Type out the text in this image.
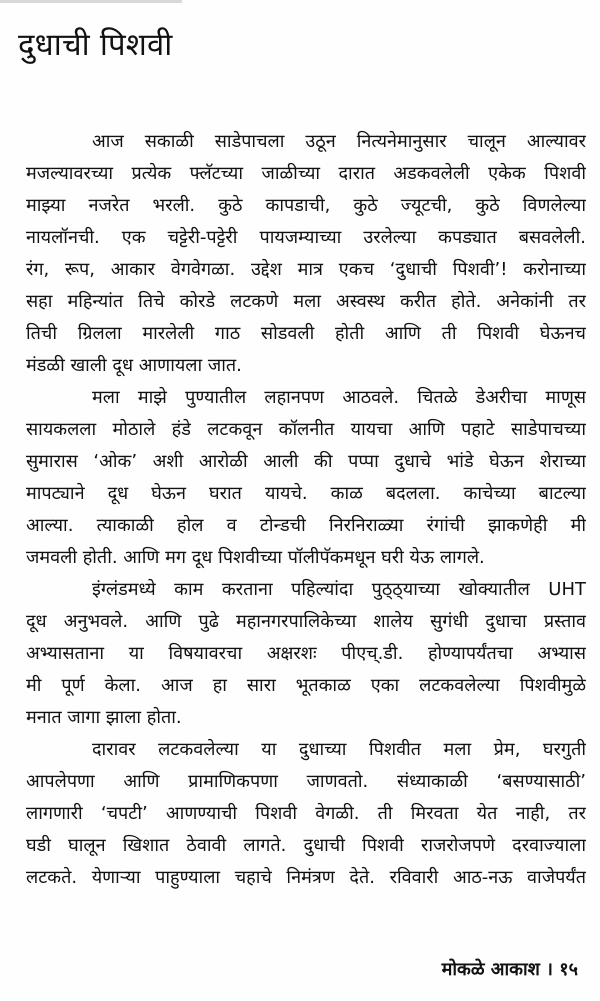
दुधाची पिशवी

आज सकाळी साडेपाचला उठून नित्यनेमानुसार चालून आल्यावर
मजल्यावरच्या प्रत्येक फ्लॅटच्या जाळीच्या दारात अडकवलेली एकेक पिशवी
माझ्या नजरेत भरली. कुठे कापडाची, कुठे ज्यूटची, कुठे विणलेल्या
नायलॉनची. एक चट्टेरी-पट्टेरी पायजम्याच्या उरलेल्या कपड्यात बसवलेली.
रंग, रूप, आकार वेगवेगळा. उद्देश मात्र एकच ‘दुधाची पिशवी’! करोनाच्या
सहा महिन्यांत तिचे कोरडे लटकणे मला अस्वस्थ करीत होते. अनेकांनी तर
तिची ग्रिलला मारलेली गाठ सोडवली होती आणि ती पिशवी घेऊनच
मंडळी खाली दूध आणायला जात.

मला माझे पुण्यातील लहानपण आठवले. चितळे डेअरीचा माणूस
सायकलला मोठाले हंडे लटकवून कॉलनीत यायचा आणि पहाटे साडेपाचच्या
सुमारास ‘ओक’ अशी आरोळी आली की पप्पा दुधाचे भांडे घेऊन शेराच्या
मापट्याने दूध घेऊन घरात यायचे. काळ बदलला. काचेच्या बाटल्या
आल्या. त्याकाळी होल व टोन्डची निरनिराळ्या रंगांची झाकणेही मी
जमवली होती. आणि मग दूध पिशवीच्या पॉलीपॅकमधून घरी येऊ लागले.

इंग्लंडमध्ये काम करताना पहिल्यांदा पुठ्ठ्याच्या खोक्यातील UHT
दूध अनुभवले. आणि पुढे महानगरपालिकेच्या शालेय सुगंधी दुधाचा प्रस्ताव
अभ्यासताना या विषयावरचा अक्षरशः पीएच्.डी. होण्यापर्यंतचा अभ्यास
मी पूर्ण केला. आज हा सारा भूतकाळ एका लटकवलेल्या पिशवीमुळे
मनात जागा झाला होता.

दारावर लटकवलेल्या या दुधाच्या पिशवीत मला प्रेम, घरगुती
आपलेपणा आणि प्रामाणिकपणा जाणवतो. संध्याकाळी ‘बसण्यासाठी’
लागणारी ‘चपटी’ आणण्याची पिशवी वेगळी. ती मिरवता येत नाही, तर
घडी घालून खिशात ठेवावी लागते. दुधाची पिशवी राजरोजपणे दरवाज्याला
लटकते. येणाऱ्या पाहुण्याला चहाचे निमंत्रण देते. रविवारी आठ-नऊ वाजेपर्यंत

मोकळे आकाश । १५
